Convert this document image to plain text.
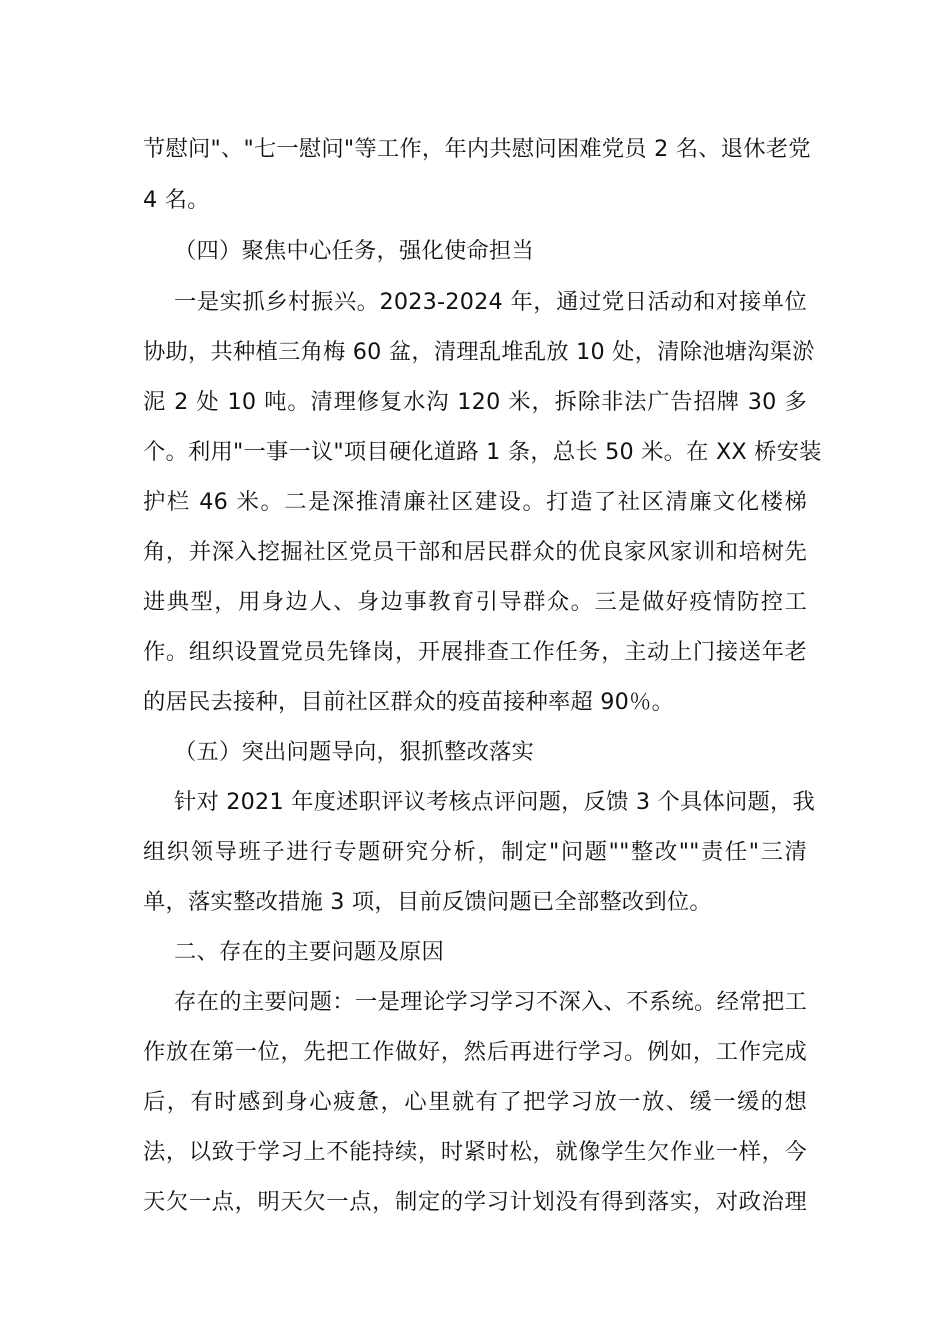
节慰问"、"七一慰问"等工作，年内共慰问困难党员 2 名、退休老党
4 名。
（四）聚焦中心任务，强化使命担当
一是实抓乡村振兴。2023-2024 年，通过党日活动和对接单位
协助，共种植三角梅 60 盆，清理乱堆乱放 10 处，清除池塘沟渠淤
泥 2 处 10 吨。清理修复水沟 120 米，拆除非法广告招牌 30 多
个。利用"一事一议"项目硬化道路 1 条，总长 50 米。在 XX 桥安装
护栏 46 米。二是深推清廉社区建设。打造了社区清廉文化楼梯
角，并深入挖掘社区党员干部和居民群众的优良家风家训和培树先
进典型，用身边人、身边事教育引导群众。三是做好疫情防控工
作。组织设置党员先锋岗，开展排查工作任务，主动上门接送年老
的居民去接种，目前社区群众的疫苗接种率超 90％。
（五）突出问题导向，狠抓整改落实
针对 2021 年度述职评议考核点评问题，反馈 3 个具体问题，我
组织领导班子进行专题研究分析，制定"问题""整改""责任"三清
单，落实整改措施 3 项，目前反馈问题已全部整改到位。
二、存在的主要问题及原因
存在的主要问题：一是理论学习学习不深入、不系统。经常把工
作放在第一位，先把工作做好，然后再进行学习。例如，工作完成
后，有时感到身心疲惫，心里就有了把学习放一放、缓一缓的想
法，以致于学习上不能持续，时紧时松，就像学生欠作业一样，今
天欠一点，明天欠一点，制定的学习计划没有得到落实，对政治理
